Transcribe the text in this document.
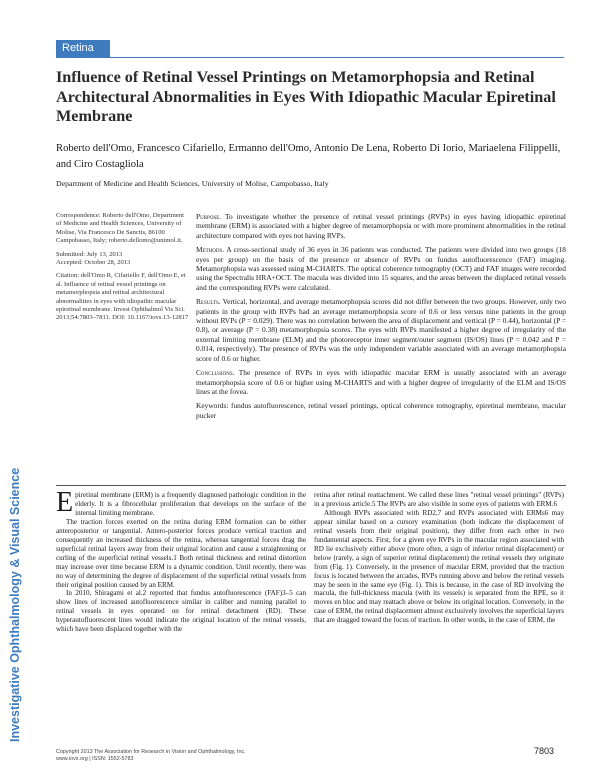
Retina
Investigative Ophthalmology & Visual Science
Influence of Retinal Vessel Printings on Metamorphopsia and Retinal Architectural Abnormalities in Eyes With Idiopathic Macular Epiretinal Membrane
Roberto dell'Omo, Francesco Cifariello, Ermanno dell'Omo, Antonio De Lena, Roberto Di Iorio, Mariaelena Filippelli, and Ciro Costagliola
Department of Medicine and Health Sciences, University of Molise, Campobasso, Italy

Correspondence: Roberto dell'Omo, Department of Medicine and Health Sciences, University of Molise, Via Francesco De Sanctis, 86100 Campobasso, Italy; roberto.dellomo@unimol.it.

Submitted: July 13, 2013

Accepted: October 28, 2013

Citation: dell'Omo R, Cifariello F, dell'Omo E, et al. Influence of retinal vessel printings on metamorphopsia and retinal architectural abnormalities in eyes with idiopathic macular epiretinal membrane. Invest Ophthalmol Vis Sci. 2013;54:7803–7811. DOI: 10.1167/iovs.13-12817

Purpose. To investigate whether the presence of retinal vessel printings (RVPs) in eyes having idiopathic epiretinal membrane (ERM) is associated with a higher degree of metamorphopsia or with more prominent abnormalities in the retinal architecture compared with eyes not having RVPs.

Methods. A cross-sectional study of 36 eyes in 36 patients was conducted. The patients were divided into two groups (18 eyes per group) on the basis of the presence or absence of RVPs on fundus autofluorescence (FAF) imaging. Metamorphopsia was assessed using M-CHARTS. The optical coherence tomography (OCT) and FAF images were recorded using the Spectralis HRA+OCT. The macula was divided into 15 squares, and the areas between the displaced retinal vessels and the corresponding RVPs were calculated.

Results. Vertical, horizontal, and average metamorphopsia scores did not differ between the two groups. However, only two patients in the group with RVPs had an average metamorphopsia score of 0.6 or less versus nine patients in the group without RVPs (P = 0.029). There was no correlation between the area of displacement and vertical (P = 0.44), horizontal (P = 0.8), or average (P = 0.38) metamorphopsia scores. The eyes with RVPs manifested a higher degree of irregularity of the external limiting membrane (ELM) and the photoreceptor inner segment/outer segment (IS/OS) lines (P = 0.042 and P = 0.014, respectively). The presence of RVPs was the only independent variable associated with an average metamorphopsia score of 0.6 or higher.

Conclusions. The presence of RVPs in eyes with idiopathic macular ERM is usually associated with an average metamorphopsia score of 0.6 or higher using M-CHARTS and with a higher degree of irregularity of the ELM and IS/OS lines at the fovea.

Keywords: fundus autofluorescence, retinal vessel printings, optical coherence tomography, epiretinal membrane, macular pucker

Epiretinal membrane (ERM) is a frequently diagnosed pathologic condition in the elderly. It is a fibrocellular proliferation that develops on the surface of the internal limiting membrane.

The traction forces exerted on the retina during ERM formation can be either anteroposterior or tangential. Antero-posterior forces produce vertical traction and consequently an increased thickness of the retina, whereas tangential forces drag the superficial retinal layers away from their original location and cause a straightening or curling of the superficial retinal vessels.1 Both retinal thickness and retinal distortion may increase over time because ERM is a dynamic condition. Until recently, there was no way of determining the degree of displacement of the superficial retinal vessels from their original position caused by an ERM.

In 2010, Shiragami et al.2 reported that fundus autofluorescence (FAF)3–5 can show lines of increased autofluorescence similar in caliber and running parallel to retinal vessels in eyes operated on for retinal detachment (RD). These hyperautofluorescent lines would indicate the original location of the retinal vessels, which have been displaced together with the

retina after retinal reattachment. We called these lines "retinal vessel printings" (RVPs) in a previous article.5 The RVPs are also visible in some eyes of patients with ERM.6

Although RVPs associated with RD2,7 and RVPs associated with ERMs6 may appear similar based on a cursory examination (both indicate the displacement of retinal vessels from their original position), they differ from each other in two fundamental aspects. First, for a given eye RVPs in the macular region associated with RD lie exclusively either above (more often, a sign of inferior retinal displacement) or below (rarely, a sign of superior retinal displacement) the retinal vessels they originate from (Fig. 1). Conversely, in the presence of macular ERM, provided that the traction focus is located between the arcades, RVPs running above and below the retinal vessels may be seen in the same eye (Fig. 1). This is because, in the case of RD involving the macula, the full-thickness macula (with its vessels) is separated from the RPE, so it moves en bloc and may reattach above or below its original location. Conversely, in the case of ERM, the retinal displacement almost exclusively involves the superficial layers that are dragged toward the focus of traction. In other words, in the case of ERM, the

Copyright 2013 The Association for Research in Vision and Ophthalmology, Inc.
www.iovs.org | ISSN: 1552-5783
7803
